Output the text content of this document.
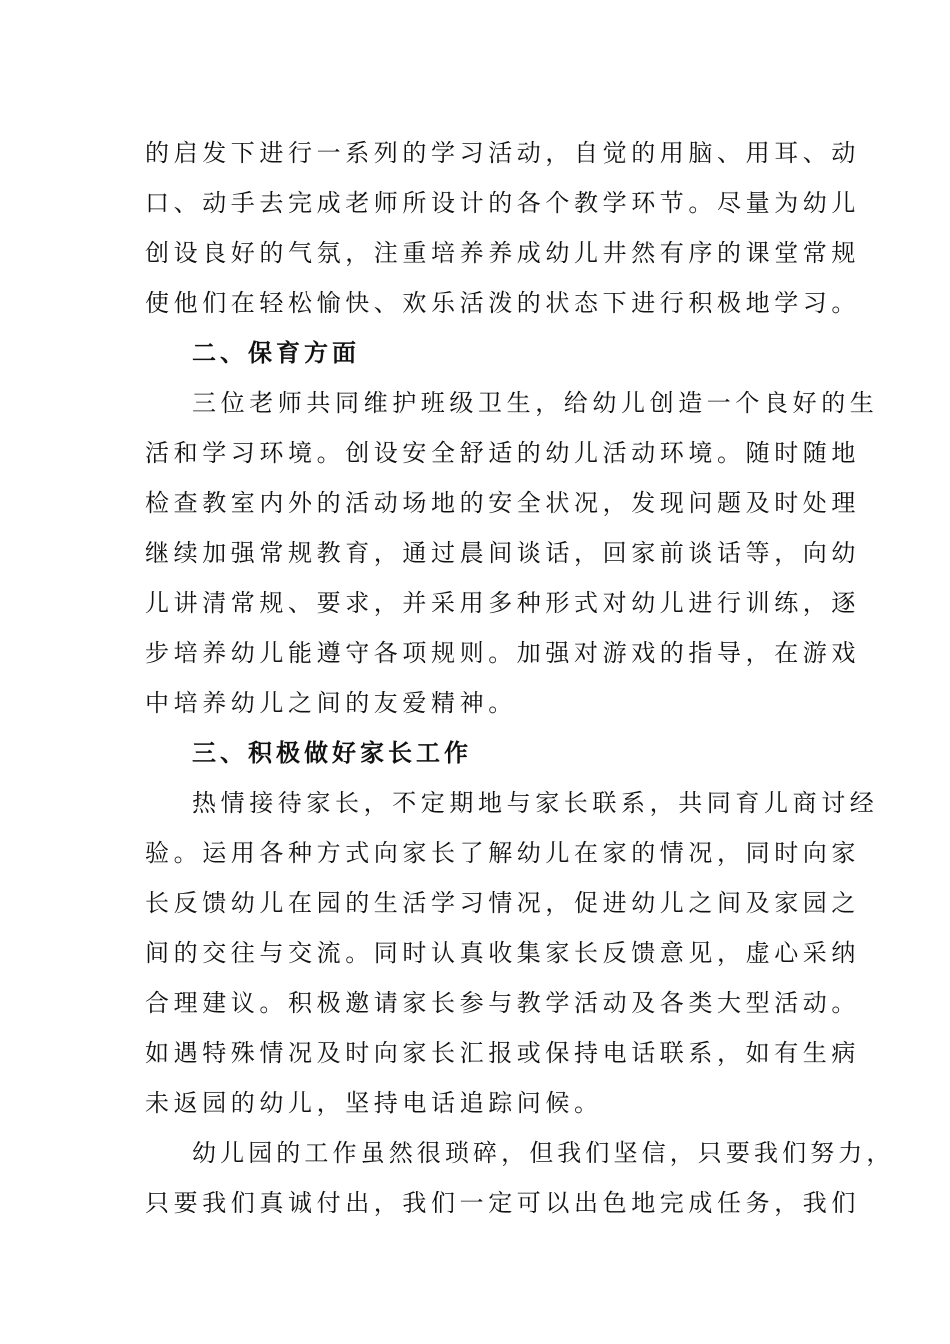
的启发下进行一系列的学习活动，自觉的用脑、用耳、动
口、动手去完成老师所设计的各个教学环节。尽量为幼儿
创设良好的气氛，注重培养养成幼儿井然有序的课堂常规
使他们在轻松愉快、欢乐活泼的状态下进行积极地学习。
二、保育方面
三位老师共同维护班级卫生，给幼儿创造一个良好的生
活和学习环境。创设安全舒适的幼儿活动环境。随时随地
检查教室内外的活动场地的安全状况，发现问题及时处理
继续加强常规教育，通过晨间谈话，回家前谈话等，向幼
儿讲清常规、要求，并采用多种形式对幼儿进行训练，逐
步培养幼儿能遵守各项规则。加强对游戏的指导，在游戏
中培养幼儿之间的友爱精神。
三、积极做好家长工作
热情接待家长，不定期地与家长联系，共同育儿商讨经
验。运用各种方式向家长了解幼儿在家的情况，同时向家
长反馈幼儿在园的生活学习情况，促进幼儿之间及家园之
间的交往与交流。同时认真收集家长反馈意见，虚心采纳
合理建议。积极邀请家长参与教学活动及各类大型活动。
如遇特殊情况及时向家长汇报或保持电话联系，如有生病
未返园的幼儿，坚持电话追踪问候。
幼儿园的工作虽然很琐碎，但我们坚信，只要我们努力，
只要我们真诚付出，我们一定可以出色地完成任务，我们
